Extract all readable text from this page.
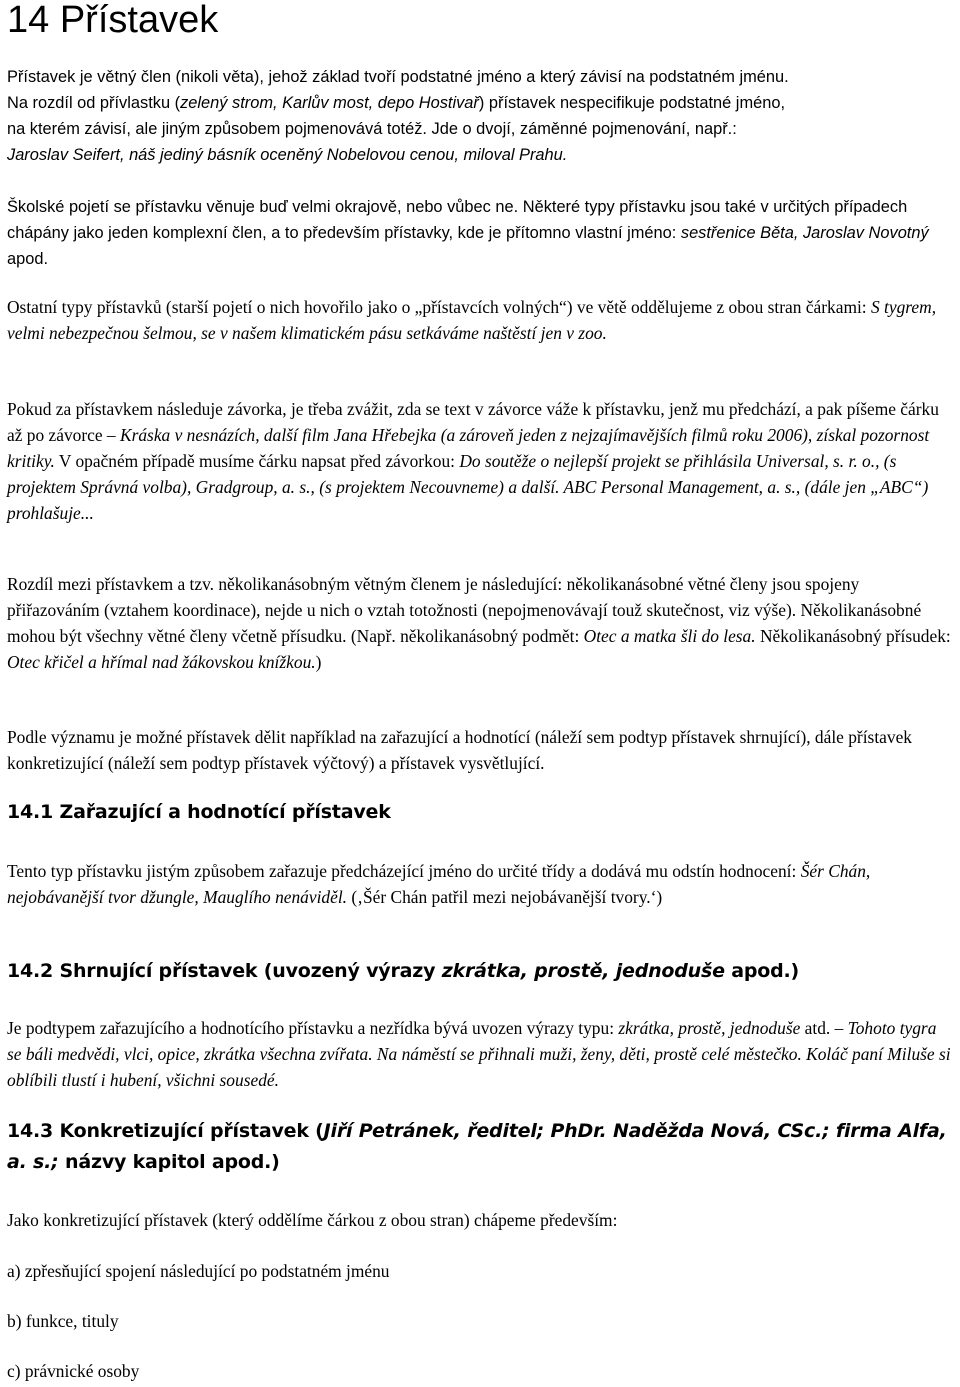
14 Přístavek
Přístavek je větný člen (nikoli věta), jehož základ tvoří podstatné jméno a který závisí na podstatném jménu.
Na rozdíl od přívlastku (zelený strom, Karlův most, depo Hostivař) přístavek nespecifikuje podstatné jméno,
na kterém závisí, ale jiným způsobem pojmenovává totéž. Jde o dvojí, záměnné pojmenování, např.:
Jaroslav Seifert, náš jediný básník oceněný Nobelovou cenou, miloval Prahu.

Školské pojetí se přístavku věnuje buď velmi okrajově, nebo vůbec ne. Některé typy přístavku jsou také v určitých případech chápány jako jeden komplexní člen, a to především přístavky, kde je přítomno vlastní jméno: sestřenice Běta, Jaroslav Novotný apod.

Ostatní typy přístavků (starší pojetí o nich hovořilo jako o „přístavcích volných“) ve větě oddělujeme z obou stran čárkami: S tygrem, velmi nebezpečnou šelmou, se v našem klimatickém pásu setkáváme naštěstí jen v zoo.

Pokud za přístavkem následuje závorka, je třeba zvážit, zda se text v závorce váže k přístavku, jenž mu předchází, a pak píšeme čárku až po závorce – Kráska v nesnázích, další film Jana Hřebejka (a zároveň jeden z nejzajímavějších filmů roku 2006), získal pozornost kritiky. V opačném případě musíme čárku napsat před závorkou: Do soutěže o nejlepší projekt se přihlásila Universal, s. r. o., (s projektem Správná volba), Gradgroup, a. s., (s projektem Necouvneme) a další. ABC Personal Management, a. s., (dále jen „ABC“) prohlašuje...

Rozdíl mezi přístavkem a tzv. několikanásobným větným členem je následující: několikanásobné větné členy jsou spojeny přiřazováním (vztahem koordinace), nejde u nich o vztah totožnosti (nepojmenovávají touž skutečnost, viz výše). Několikanásobné mohou být všechny větné členy včetně přísudku. (Např. několikanásobný podmět: Otec a matka šli do lesa. Několikanásobný přísudek: Otec křičel a hřímal nad žákovskou knížkou.)

Podle významu je možné přístavek dělit například na zařazující a hodnotící (náleží sem podtyp přístavek shrnující), dále přístavek konkretizující (náleží sem podtyp přístavek výčtový) a přístavek vysvětlující.

14.1 Zařazující a hodnotící přístavek

Tento typ přístavku jistým způsobem zařazuje předcházející jméno do určité třídy a dodává mu odstín hodnocení: Šér Chán, nejobávanější tvor džungle, Mauglího nenáviděl. (‚Šér Chán patřil mezi nejobávanější tvory.‘)

14.2 Shrnující přístavek (uvozený výrazy zkrátka, prostě, jednoduše apod.)

Je podtypem zařazujícího a hodnotícího přístavku a nezřídka bývá uvozen výrazy typu: zkrátka, prostě, jednoduše atd. – Tohoto tygra se báli medvědi, vlci, opice, zkrátka všechna zvířata. Na náměstí se přihnali muži, ženy, děti, prostě celé městečko. Koláč paní Miluše si oblíbili tlustí i hubení, všichni sousedé.

14.3 Konkretizující přístavek (Jiří Petránek, ředitel; PhDr. Naděžda Nová, CSc.; firma Alfa, a. s.; názvy kapitol apod.)

Jako konkretizující přístavek (který oddělíme čárkou z obou stran) chápeme především:

a) zpřesňující spojení následující po podstatném jménu
b) funkce, tituly
c) právnické osoby
